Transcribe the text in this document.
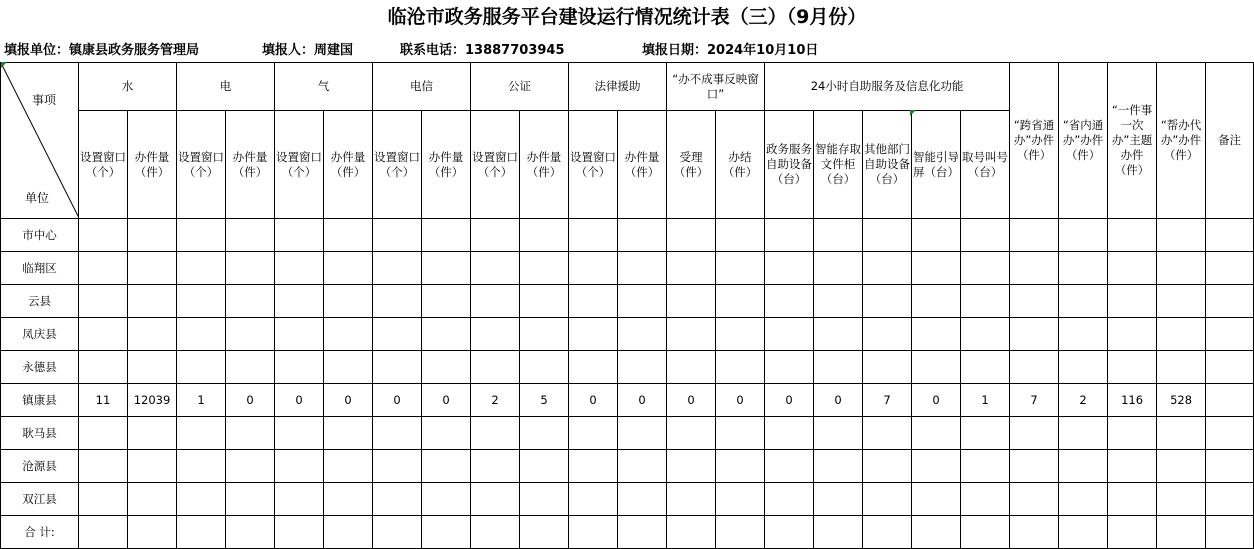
临沧市政务服务平台建设运行情况统计表（三）（9月份）
填报单位：镇康县政务服务管理局	填报人：周建国	联系电话：13887703945	填报日期：2024年10月10日
事项
单位	水		电		气		电信		公证		法律援助		“办不成事反映窗口”		24小时自助服务及信息化功能					“跨省通办”办件（件）	“省内通办”办件（件）	“一件事一次办”主题办件（件）	“帮办代办”办件（件）	备注
	设置窗口（个）	办件量（件）	设置窗口（个）	办件量（件）	设置窗口（个）	办件量（件）	设置窗口（个）	办件量（件）	设置窗口（个）	办件量（件）	设置窗口（个）	办件量（件）	受理（件）	办结（件）	政务服务自助设备（台）	智能存取文件柜（台）	其他部门自助设备（台）	智能引导屏（台）	取号叫号（台）					
市中心																								
临翔区																								
云县																								
凤庆县																								
永德县																								
镇康县	11	12039	1	0	0	0	0	0	2	5	0	0	0	0	0	0	7	0	1	7	2	116	528	
耿马县																								
沧源县																								
双江县																								
合 计:																								
